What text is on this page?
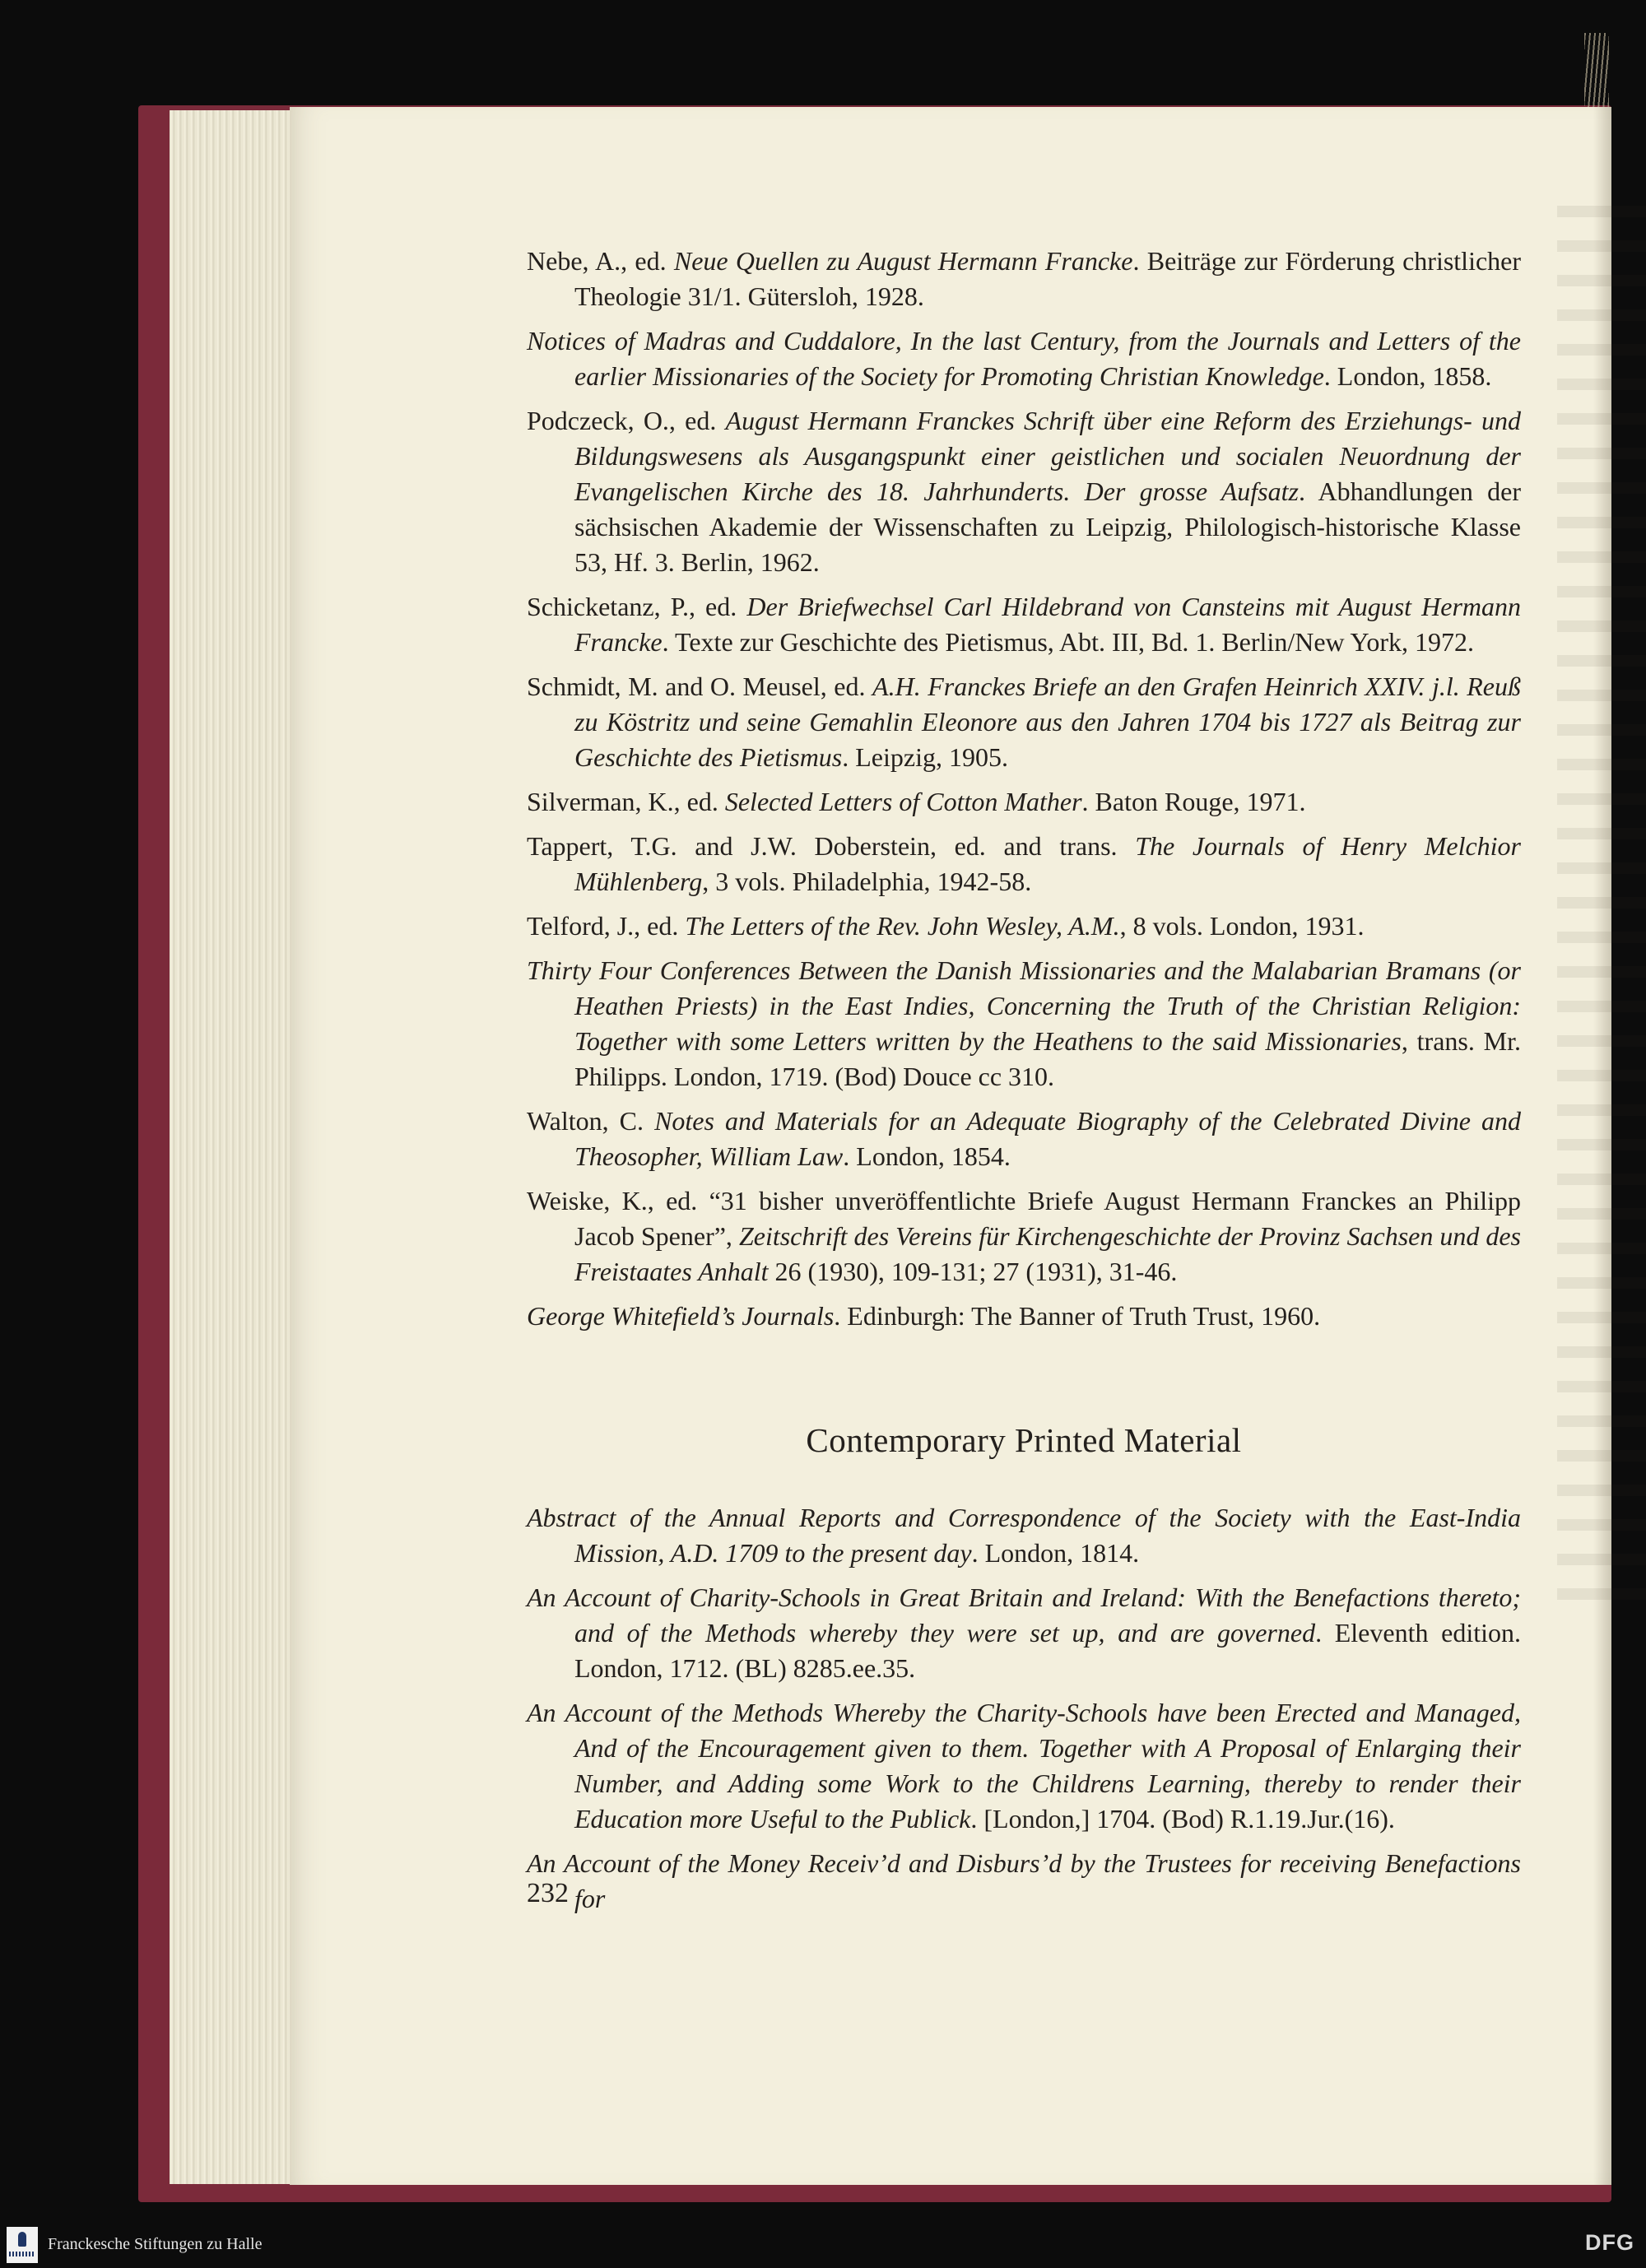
Nebe, A., ed. Neue Quellen zu August Hermann Francke. Beiträge zur Förderung christlicher Theologie 31/1. Gütersloh, 1928.

Notices of Madras and Cuddalore, In the last Century, from the Journals and Letters of the earlier Missionaries of the Society for Promoting Christian Knowledge. London, 1858.

Podczeck, O., ed. August Hermann Franckes Schrift über eine Reform des Erziehungs- und Bildungswesens als Ausgangspunkt einer geistlichen und socialen Neuordnung der Evangelischen Kirche des 18. Jahrhunderts. Der grosse Aufsatz. Abhandlungen der sächsischen Akademie der Wissenschaften zu Leipzig, Philologisch-historische Klasse 53, Hf. 3. Berlin, 1962.

Schicketanz, P., ed. Der Briefwechsel Carl Hildebrand von Cansteins mit August Hermann Francke. Texte zur Geschichte des Pietismus, Abt. III, Bd. 1. Berlin/New York, 1972.

Schmidt, M. and O. Meusel, ed. A.H. Franckes Briefe an den Grafen Heinrich XXIV. j.l. Reuß zu Köstritz und seine Gemahlin Eleonore aus den Jahren 1704 bis 1727 als Beitrag zur Geschichte des Pietismus. Leipzig, 1905.

Silverman, K., ed. Selected Letters of Cotton Mather. Baton Rouge, 1971.

Tappert, T.G. and J.W. Doberstein, ed. and trans. The Journals of Henry Melchior Mühlenberg, 3 vols. Philadelphia, 1942-58.

Telford, J., ed. The Letters of the Rev. John Wesley, A.M., 8 vols. London, 1931.

Thirty Four Conferences Between the Danish Missionaries and the Malabarian Bramans (or Heathen Priests) in the East Indies, Concerning the Truth of the Christian Religion: Together with some Letters written by the Heathens to the said Missionaries, trans. Mr. Philipps. London, 1719. (Bod) Douce cc 310.

Walton, C. Notes and Materials for an Adequate Biography of the Celebrated Divine and Theosopher, William Law. London, 1854.

Weiske, K., ed. “31 bisher unveröffentlichte Briefe August Hermann Franckes an Philipp Jacob Spener”, Zeitschrift des Vereins für Kirchengeschichte der Provinz Sachsen und des Freistaates Anhalt 26 (1930), 109-131; 27 (1931), 31-46.

George Whitefield’s Journals. Edinburgh: The Banner of Truth Trust, 1960.

Contemporary Printed Material

Abstract of the Annual Reports and Correspondence of the Society with the East-India Mission, A.D. 1709 to the present day. London, 1814.

An Account of Charity-Schools in Great Britain and Ireland: With the Benefactions thereto; and of the Methods whereby they were set up, and are governed. Eleventh edition. London, 1712. (BL) 8285.ee.35.

An Account of the Methods Whereby the Charity-Schools have been Erected and Managed, And of the Encouragement given to them. Together with A Proposal of Enlarging their Number, and Adding some Work to the Childrens Learning, thereby to render their Education more Useful to the Publick. [London,] 1704. (Bod) R.1.19.Jur.(16).

An Account of the Money Receiv’d and Disburs’d by the Trustees for receiving Benefactions for

232
Franckesche Stiftungen zu Halle	DFG
